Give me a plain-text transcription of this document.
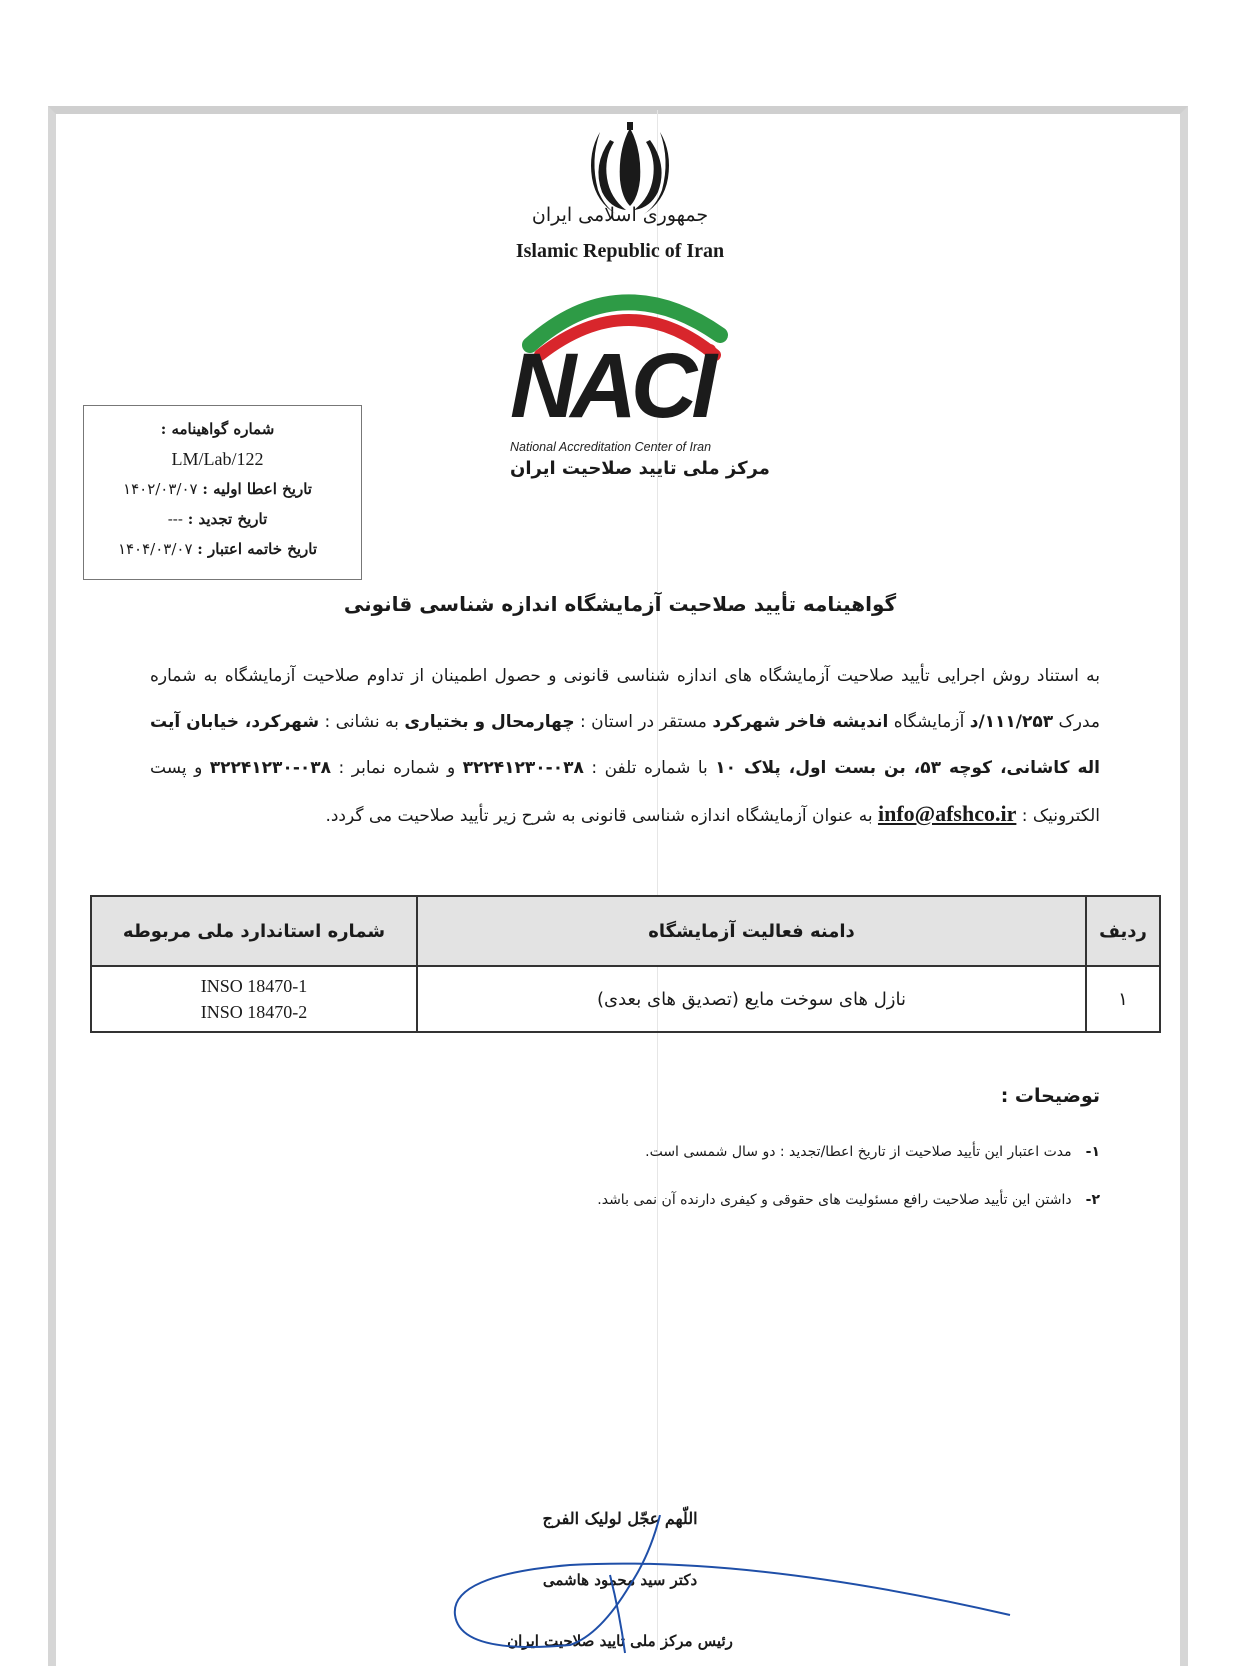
جمهوری اسلامی ایران
Islamic Republic of Iran
NACI
National Accreditation Center of Iran
مرکز ملی تایید صلاحیت ایران
شماره گواهینامه :
LM/Lab/122
تاریخ اعطا اولیه : ۱۴۰۲/۰۳/۰۷
تاریخ تجدید : ---
تاریخ خاتمه اعتبار : ۱۴۰۴/۰۳/۰۷
گواهینامه تأیید صلاحیت آزمایشگاه اندازه شناسی قانونی
به استناد روش اجرایی تأیید صلاحیت آزمایشگاه های اندازه شناسی قانونی و حصول اطمینان از تداوم صلاحیت آزمایشگاه به شماره مدرک ۱۱۱/۲۵۳/د آزمایشگاه اندیشه فاخر شهرکرد مستقر در استان : چهارمحال و بختیاری به نشانی : شهرکرد، خیابان آیت اله کاشانی، کوچه ۵۳، بن بست اول، پلاک ۱۰ با شماره تلفن : ۰۳۸-۳۲۲۴۱۲۳۰ و شماره نمابر : ۰۳۸-۳۲۲۴۱۲۳۰ و پست الکترونیک : info@afshco.ir به عنوان آزمایشگاه اندازه شناسی قانونی به شرح زیر تأیید صلاحیت می گردد.
ردیف	دامنه فعالیت آزمایشگاه	شماره استاندارد ملی مربوطه
۱	نازل های سوخت مایع (تصدیق های بعدی)	INSO 18470-1
INSO 18470-2
توضیحات :
۱-مدت اعتبار این تأیید صلاحیت از تاریخ اعطا/تجدید : دو سال شمسی است.
۲-داشتن این تأیید صلاحیت رافع مسئولیت های حقوقی و کیفری دارنده آن نمی باشد.
اللّهم عجّل لولیک الفرج
دکتر سید محمود هاشمی
رئیس مرکز ملی تایید صلاحیت ایران
